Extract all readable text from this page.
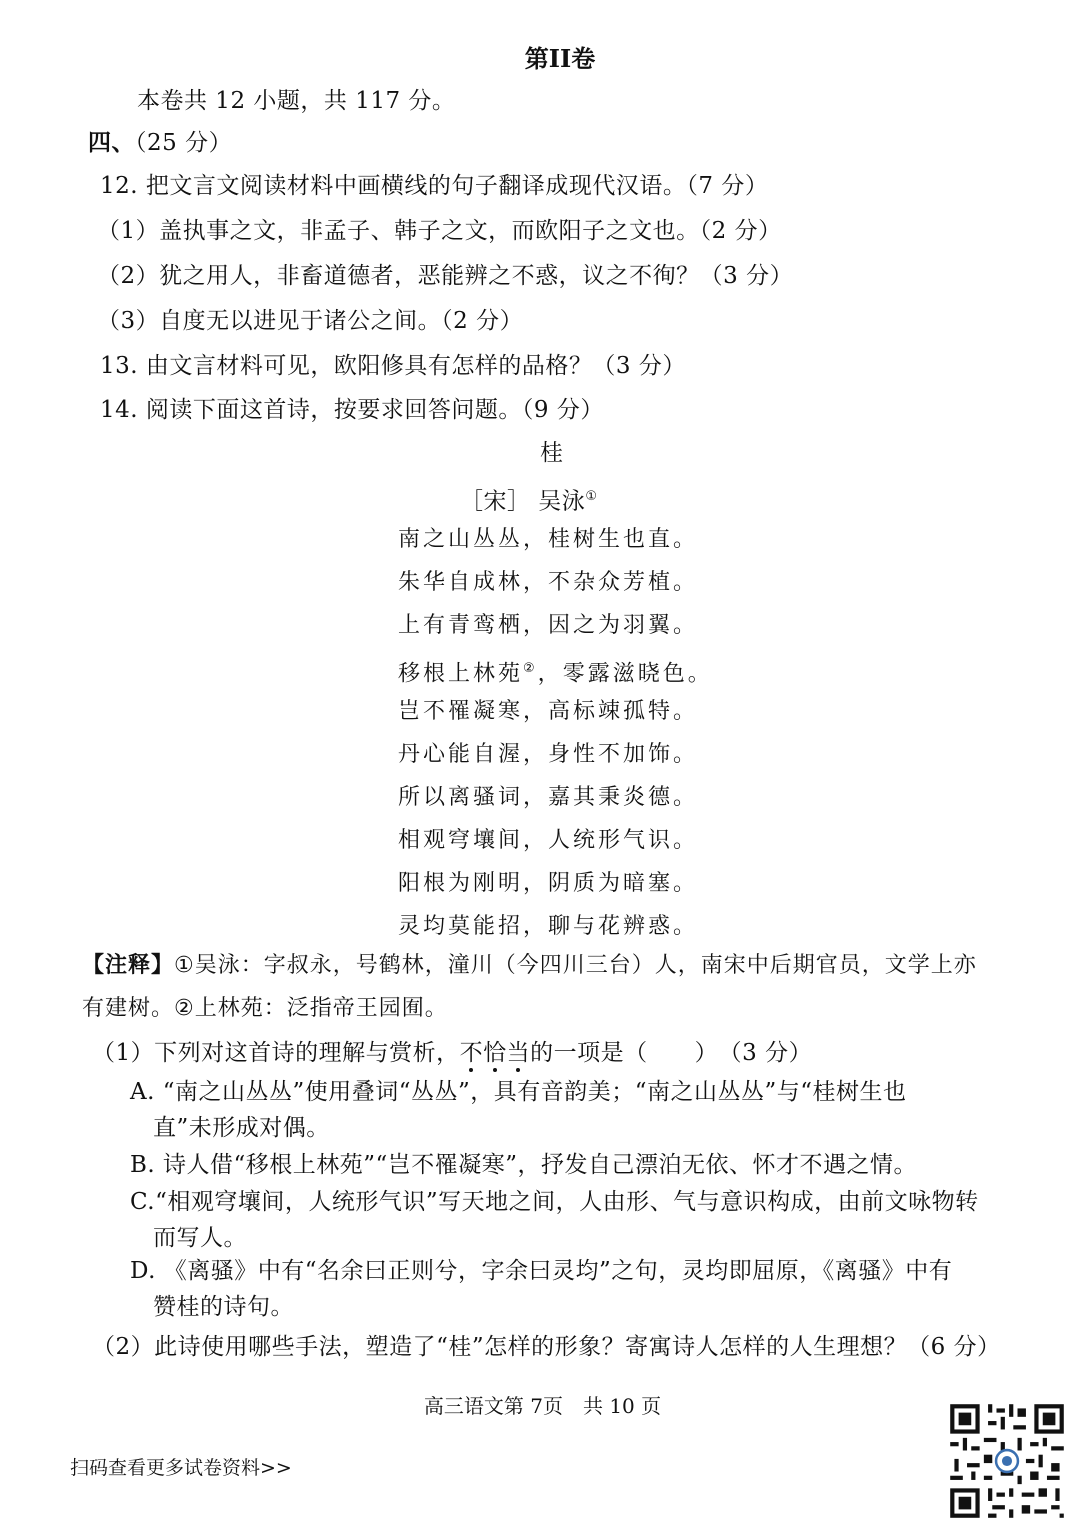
第II卷
本卷共 12 小题，共 117 分。
四、（25 分）
12. 把文言文阅读材料中画横线的句子翻译成现代汉语。（7 分）
（1）盖执事之文，非孟子、韩子之文，而欧阳子之文也。（2 分）
（2）犹之用人，非畜道德者，恶能辨之不惑，议之不徇？（3 分）
（3）自度无以进见于诸公之间。（2 分）
13. 由文言材料可见，欧阳修具有怎样的品格？（3 分）
14. 阅读下面这首诗，按要求回答问题。（9 分）
桂
［宋］ 吴泳①
南之山丛丛，桂树生也直。
朱华自成林，不杂众芳植。
上有青鸾栖，因之为羽翼。
移根上林苑②，零露滋晓色。
岂不罹凝寒，高标竦孤特。
丹心能自渥，身性不加饰。
所以离骚词，嘉其秉炎德。
相观穹壤间，人统形气识。
阳根为刚明，阴质为暗塞。
灵均莫能招，聊与花辨惑。
【注释】①吴泳：字叔永，号鹤林，潼川（今四川三台）人，南宋中后期官员，文学上亦
有建树。②上林苑：泛指帝王园囿。
（1）下列对这首诗的理解与赏析，不恰当的一项是（　　）　（3 分）
A. “南之山丛丛”使用叠词“丛丛”，具有音韵美；“南之山丛丛”与“桂树生也
直”未形成对偶。
B. 诗人借“移根上林苑”“岂不罹凝寒”，抒发自己漂泊无依、怀才不遇之情。
C.“相观穹壤间，人统形气识”写天地之间，人由形、气与意识构成，由前文咏物转
而写人。
D. 《离骚》中有“名余曰正则兮，字余曰灵均”之句，灵均即屈原，《离骚》中有
赞桂的诗句。
（2）此诗使用哪些手法，塑造了“桂”怎样的形象？寄寓诗人怎样的人生理想？（6 分）
高三语文第 7页　共 10 页
扫码查看更多试卷资料>>
